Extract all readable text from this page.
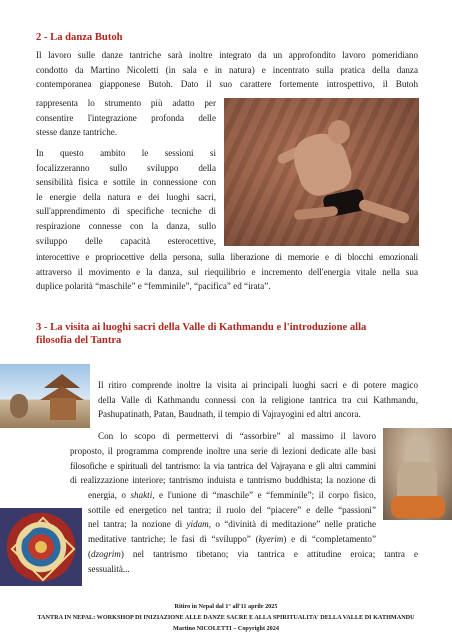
2 - La danza Butoh

Il lavoro sulle danze tantriche sarà inoltre integrato da un approfondito lavoro pomeridiano

condotto da Martino Nicoletti (in sala e in natura) e incentrato sulla pratica della danza

contemporanea giapponese Butoh. Dato il suo carattere fortemente introspettivo, il Butoh

rappresenta lo strumento più adatto per

consentire l'integrazione profonda delle

stesse danze tantriche.

In questo ambito le sessioni si

focalizzeranno sullo sviluppo della

sensibilità fisica e sottile in connessione con

le energie della natura e dei luoghi sacri,

sull'apprendimento di specifiche tecniche di

respirazione connesse con la danza, sullo

sviluppo delle capacità esterocettive,

interocettive e propriocettive della persona, sulla liberazione di memorie e di blocchi emozionali

attraverso il movimento e la danza, sul riequilibrio e incremento dell'energia vitale nella sua

duplice polarità “maschile” e “femminile”, “pacifica” ed “irata”.

3 - La visita ai luoghi sacri della Valle di Kathmandu e l'introduzione alla
filosofia del Tantra

Il ritiro comprende inoltre la visita ai principali luoghi sacri e di potere magico

della Valle di Kathmandu connessi con la religione tantrica tra cui Kathmandu,

Pashupatinath, Patan, Baudnath, il tempio di Vajrayogini ed altri ancora.

Con lo scopo di permettervi di “assorbire” al massimo il lavoro

proposto, il programma comprende inoltre una serie di lezioni dedicate alle basi

filosofiche e spirituali del tantrismo: la via tantrica del Vajrayana e gli altri cammini

di realizzazione interiore; tantrismo induista e tantrismo buddhista; la nozione di

energia, o shakti, e l'unione di “maschile” e “femminile”; il corpo fisico,

sottile ed energetico nel tantra; il ruolo del “piacere” e delle “passioni”

nel tantra; la nozione di yidam, o “divinità di meditazione” nelle pratiche

meditative tantriche; le fasi di “sviluppo” (kyerim) e di “completamento”

(dzogrim) nel tantrismo tibetano; via tantrica e attitudine eroica; tantra e

sessualità...

Ritiro in Nepal dal 1° all'11 aprile 2025
TANTRA IN NEPAL: WORKSHOP DI INIZIAZIONE ALLE DANZE SACRE E ALLA SPIRITUALITA' DELLA VALLE DI KATHMANDU
Martino NICOLETTI – Copyright 2024
